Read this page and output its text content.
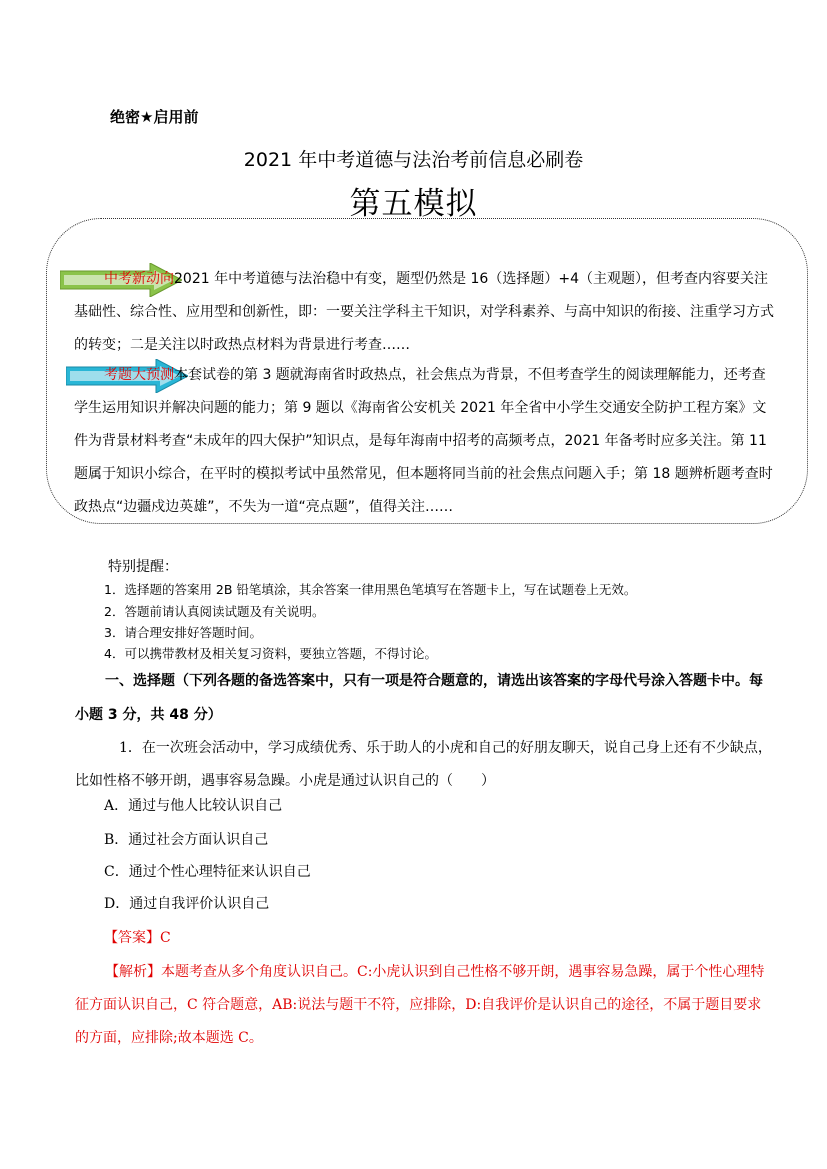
绝密★启用前
2021 年中考道德与法治考前信息必刷卷
第五模拟
中考新动向2021 年中考道德与法治稳中有变，题型仍然是 16（选择题）+4（主观题），但考查内容要关注基础性、综合性、应用型和创新性，即：一要关注学科主干知识，对学科素养、与高中知识的衔接、注重学习方式的转变；二是关注以时政热点材料为背景进行考查……
考题大预测本套试卷的第 3 题就海南省时政热点，社会焦点为背景，不但考查学生的阅读理解能力，还考查学生运用知识并解决问题的能力；第 9 题以《海南省公安机关 2021 年全省中小学生交通安全防护工程方案》文件为背景材料考查“未成年的四大保护”知识点，是每年海南中招考的高频考点，2021 年备考时应多关注。第 11 题属于知识小综合，在平时的模拟考试中虽然常见，但本题将同当前的社会焦点问题入手；第 18 题辨析题考查时政热点“边疆戍边英雄”，不失为一道“亮点题”，值得关注……
特别提醒：
1．选择题的答案用 2B 铅笔填涂，其余答案一律用黑色笔填写在答题卡上，写在试题卷上无效。
2．答题前请认真阅读试题及有关说明。
3．请合理安排好答题时间。
4．可以携带教材及相关复习资料，要独立答题，不得讨论。
一、选择题（下列各题的备选答案中，只有一项是符合题意的，请选出该答案的字母代号涂入答题卡中。每小题 3 分，共 48 分）
1．在一次班会活动中，学习成绩优秀、乐于助人的小虎和自己的好朋友聊天，说自己身上还有不少缺点，比如性格不够开朗，遇事容易急躁。小虎是通过认识自己的（　　）
A．通过与他人比较认识自己
B．通过社会方面认识自己
C．通过个性心理特征来认识自己
D．通过自我评价认识自己
【答案】C
【解析】本题考查从多个角度认识自己。C:小虎认识到自己性格不够开朗，遇事容易急躁，属于个性心理特征方面认识自己，C 符合题意，AB:说法与题干不符，应排除，D:自我评价是认识自己的途径，不属于题目要求的方面，应排除;故本题选 C。
